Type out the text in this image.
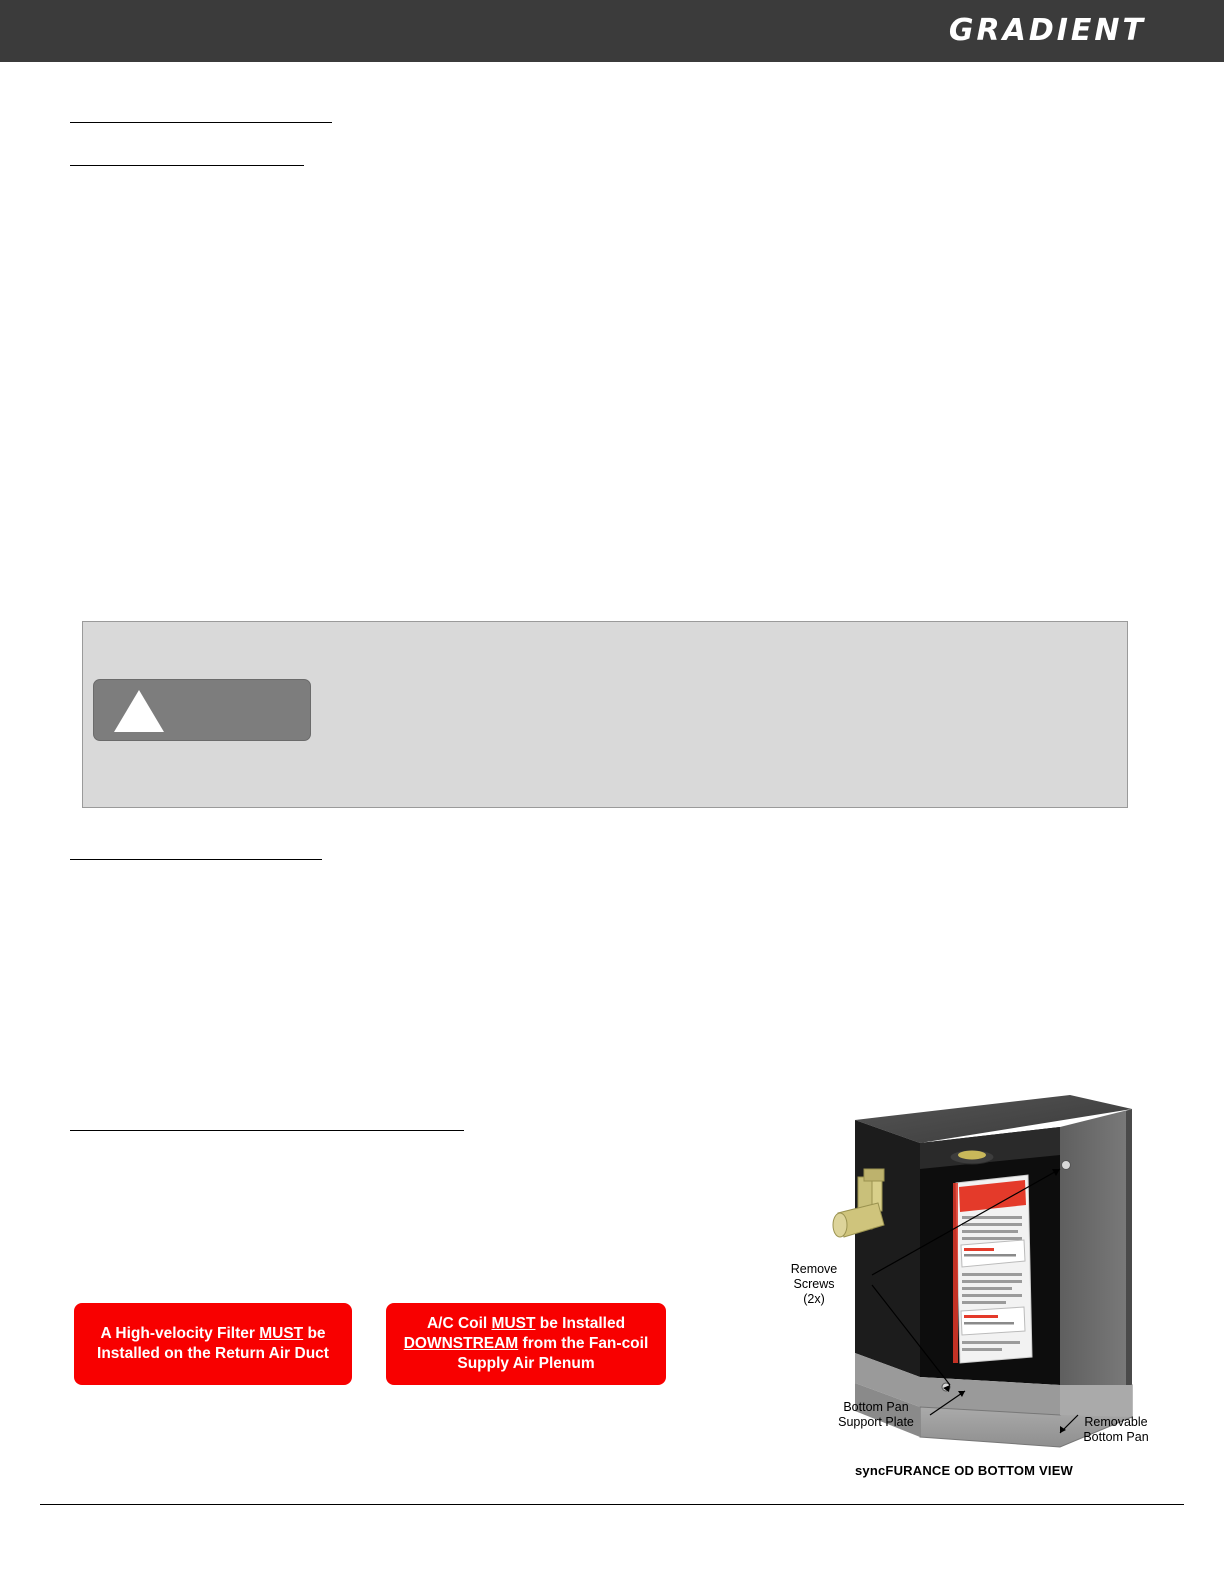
GRADIENT
A High-velocity Filter MUST be Installed on the Return Air Duct
A/C Coil MUST be Installed DOWNSTREAM from the Fan-coil Supply Air Plenum
Remove
Screws
(2x)
Bottom Pan
Support Plate	Removable
Bottom Pan
syncFURANCE OD BOTTOM VIEW
